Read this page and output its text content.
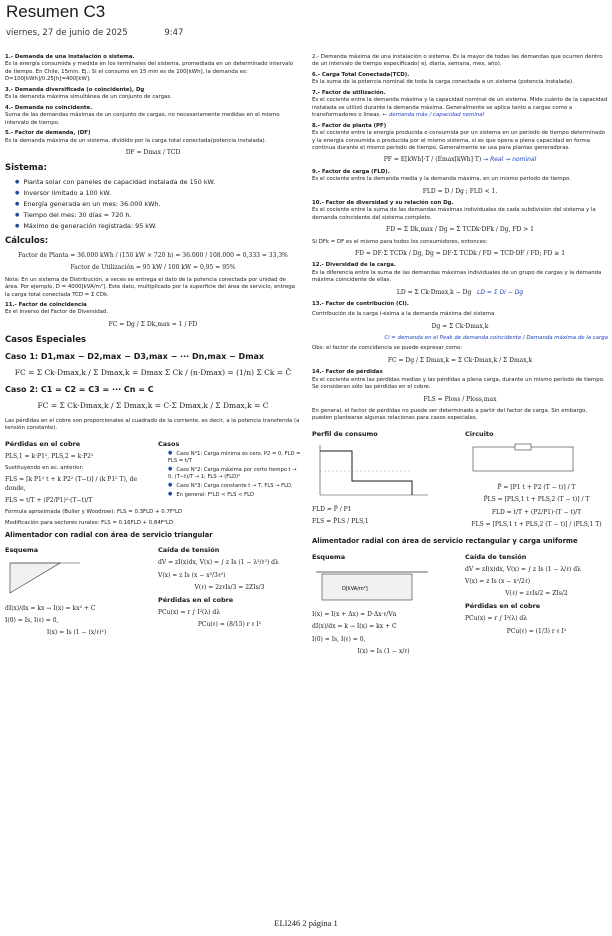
Resumen C3
viernes, 27 de junio de 2025	9:47

1.- Demanda de una instalación o sistema.
Es la energía consumida y medida en los terminales del sistema, promediada en un determinado intervalo de tiempo. En Chile, 15min. Ej.: Si el consumo en 15 min es de 100[kWh], la demanda es: D=100[kWh]/0.25[h]=400[kW].

3.- Demanda diversificada (o coincidente), Dg
Es la demanda máxima simultánea de un conjunto de cargas.

4.- Demanda no coincidente.
Suma de las demandas máximas de un conjunto de cargas, no necesariamente medidas en el mismo intervalo de tiempo.

5.- Factor de demanda, (DF)
Es la demanda máxima de un sistema, dividido por la carga total conectada(potencia instalada).

DF = Dmax / TCD
Sistema:
● Planta solar con paneles de capacidad instalada de 150 kW.
● Inversor limitado a 100 kW.
● Energía generada en un mes: 36.000 kWh.
● Tiempo del mes: 30 días = 720 h.
● Máximo de generación registrada: 95 kW.
Cálculos:
Factor de Planta = 36.000 kWh / (150 kW × 720 h) = 36.000 / 108.000 = 0,333 = 33,3%
Factor de Utilización = 95 kW / 100 kW = 0,95 = 95%

Nota: En un sistema de Distribución, a veces se entrega el dato de la potencia conectada por unidad de área. Por ejemplo, D = 4000[kVA/m²]. Este dato, multiplicado por la superficie del área de servicio, entrega la carga total conectada TCD = Σ CDk.

11.- Factor de coincidencia
Es el inverso del Factor de Diversidad.

FC = Dg / Σ Dk,max = 1 / FD
Casos Especiales
Caso 1: D1,max − D2,max − D3,max − ··· Dn,max − Dmax
FC = Σ Ck·Dmax,k / Σ Dmax,k = Dmax Σ Ck / (n·Dmax) = (1/n) Σ Ck = C̄
Caso 2: C1 = C2 = C3 = ··· Cn = C
FC = Σ Ck·Dmax,k / Σ Dmax,k = C·Σ Dmax,k / Σ Dmax,k = C

Las pérdidas en el cobre son proporcionales al cuadrado de la corriente, es decir, a la potencia transferida (a tensión constante).

Pérdidas en el cobre
PLS,1 = k·P1², PLS,2 = k·P2²
Sustituyendo en ec. anterior:
FLS = [k P1² t + k P2² (T−t)] / (k P1² T), de donde,
FLS = t/T + (P2/P1)²·(T−t)/T
Casos
● Caso N°1: Carga mínima es cero. P2 = 0, FLD = FLS = t/T
● Caso N°2: Carga máxima por corto tiempo t → 0, (T−t)/T → 1; FLS → (FLD)²
● Caso N°3: Carga constante t → T, FLS → FLD.
● En general: F²LD < FLS < FLD

Fórmula aproximada (Buller y Woodrow): FLS = 0.3FLD + 0.7F²LD

Modificación para sectores rurales: FLS = 0.16FLD + 0.84F²LD

Alimentador con radial con área de servicio triangular
Esquema
dI(x)/dx = kx → I(x) = kx² + C
I(0) = Is, I(ℓ) = 0,
I(x) = Is (1 − (x/ℓ)²)
Caída de tensión
dV = zI(x)dx, V(x) = ∫ z Is (1 − λ²/ℓ²) dλ
V(x) = z Is (x − x³/3ℓ²)
V(ℓ) = 2zℓIs/3 = 2ZIs/3
Pérdidas en el cobre
PCu(x) = r ∫ I²(λ) dλ
PCu(ℓ) = (8/15) r ℓ I²

2.- Demanda máxima de una instalación o sistema. Es la mayor de todas las demandas que ocurren dentro de un intervalo de tiempo especificado( ej. diaria, semana, mes, año).

6.- Carga Total Conectada(TCD).
Es la suma de la potencia nominal de toda la carga conectada a un sistema (potencia instalada).

7.- Factor de utilización.
Es el cociente entre la demanda máxima y la capacidad nominal de un sistema. Mide cuánto de la capacidad instalada se utilizó durante la demanda máxima. Generalmente se aplica tanto a cargas como a transformadores o líneas. ← demanda máx / capacidad nominal

8.- Factor de planta (PF)
Es el cociente entre la energía producida o consumida por un sistema en un período de tiempo determinado y la energía consumida o producida por el mismo sistema, si es que opera a plena capacidad en forma continua durante el mismo período de tiempo. Generalmente se usa para plantas generadoras.

PF = E[kWh]·T / (Emax[kWh]·T) → Real → nominal

9.- Factor de carga (FLD).
Es el cociente entre la demanda media y la demanda máxima, en un mismo período de tiempo.

FLD = D / Dg ; FLD < 1.

10.- Factor de diversidad y su relación con Dg.
Es el cociente entre la suma de las demandas máximas individuales de cada subdivisión del sistema y la demanda coincidente del sistema completo.

FD = Σ Dk,max / Dg = Σ TCDk·DFk / Dg, FD > 1

Si DFk = DF es el mismo para todos los consumidores, entonces:

FD = DF·Σ TCDk / Dg, Dg = DF·Σ TCDk / FD = TCD·DF / FD; FD ≥ 1

12.- Diversidad de la carga.
Es la diferencia entre la suma de las demandas máximas individuales de un grupo de cargas y la demanda máxima coincidente de ellas.

LD = Σ Ck·Dmax,k − Dg LD = Σ Di − Dg

13.- Factor de contribución (Ci).

Contribución de la carga i-ésima a la demanda máxima del sistema

Dg = Σ Ck·Dmax,k

Ci = demanda en el Peak de demanda coincidente / Demanda máxima de la carga

Obs: el factor de coincidencia se puede expresar como:

FC = Dg / Σ Dmax,k = Σ Ck·Dmax,k / Σ Dmax,k

14.- Factor de pérdidas
Es el cociente entre las pérdidas medias y las pérdidas a plena carga, durante un mismo período de tiempo. Se consideran sólo las pérdidas en el cobre.

FLS = Ploss / Ploss,max

En general, el factor de pérdidas no puede ser determinado a partir del factor de carga. Sin embargo, pueden plantearse algunas relaciones para casos especiales.

Perfil de consumo
FLD = P̄ / P1
FLS = P̄LS / PLS,1
Circuito
P̄ = [P1 t + P2 (T − t)] / T
P̄LS = [PLS,1 t + PLS,2 (T − t)] / T
FLD = t/T + (P2/P1)·(T − t)/T
FLS = [PLS,1 t + PLS,2 (T − t)] / (PLS,1 T)
Alimentador radial con área de servicio rectangular y carga uniforme
Esquema
D[kVA/m²]
I(x) = I(x + Δx) = D·Δx·ℓ/Vn
dI(x)/dx = k → I(x) = kx + C
I(0) = Is, I(ℓ) = 0,
I(x) = Is (1 − x/ℓ)
Caída de tensión
dV = zI(x)dx, V(x) = ∫ z Is (1 − λ/ℓ) dλ
V(x) = z Is (x − x²/2ℓ)
V(ℓ) = zℓIs/2 = ZIs/2
Pérdidas en el cobre
PCu(x) = r ∫ I²(λ) dλ
PCu(ℓ) = (1/3) r ℓ I²
ELI246 2 página 1
